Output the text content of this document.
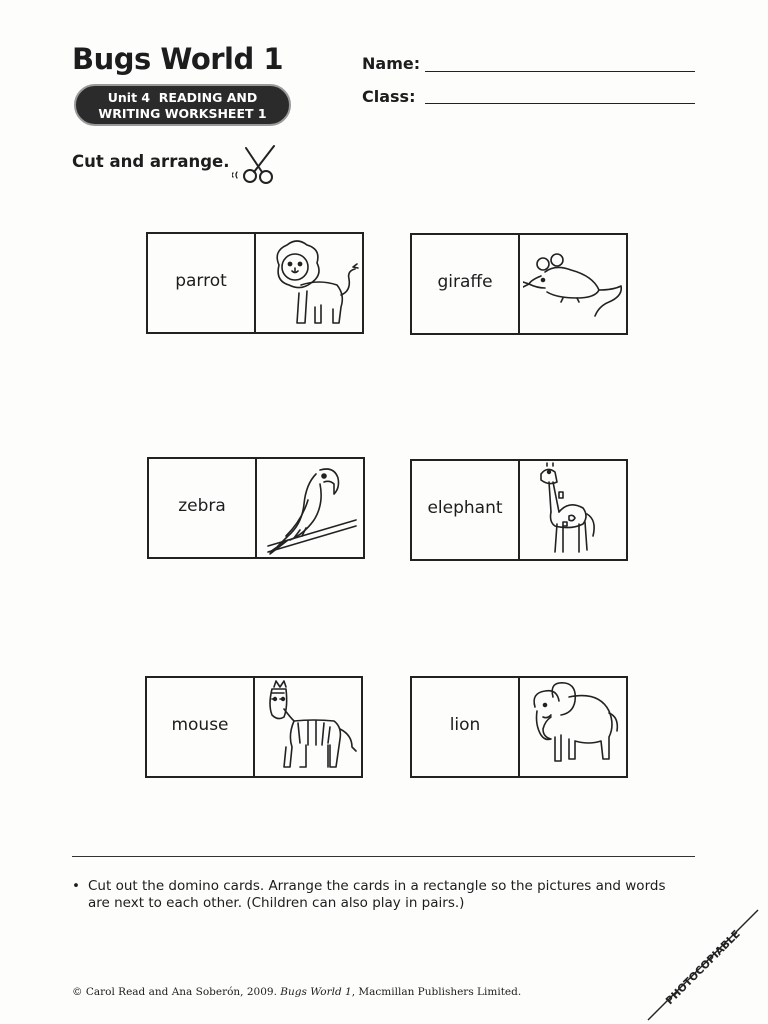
Bugs World 1
Unit 4  READING AND
WRITING WORKSHEET 1
Name:
Class:
Cut and arrange.
parrot	giraffe
zebra	elephant
mouse	lion
• Cut out the domino cards. Arrange the cards in a rectangle so the pictures and words are next to each other. (Children can also play in pairs.)
© Carol Read and Ana Soberón, 2009. Bugs World 1, Macmillan Publishers Limited.	PHOTOCOPIABLE
